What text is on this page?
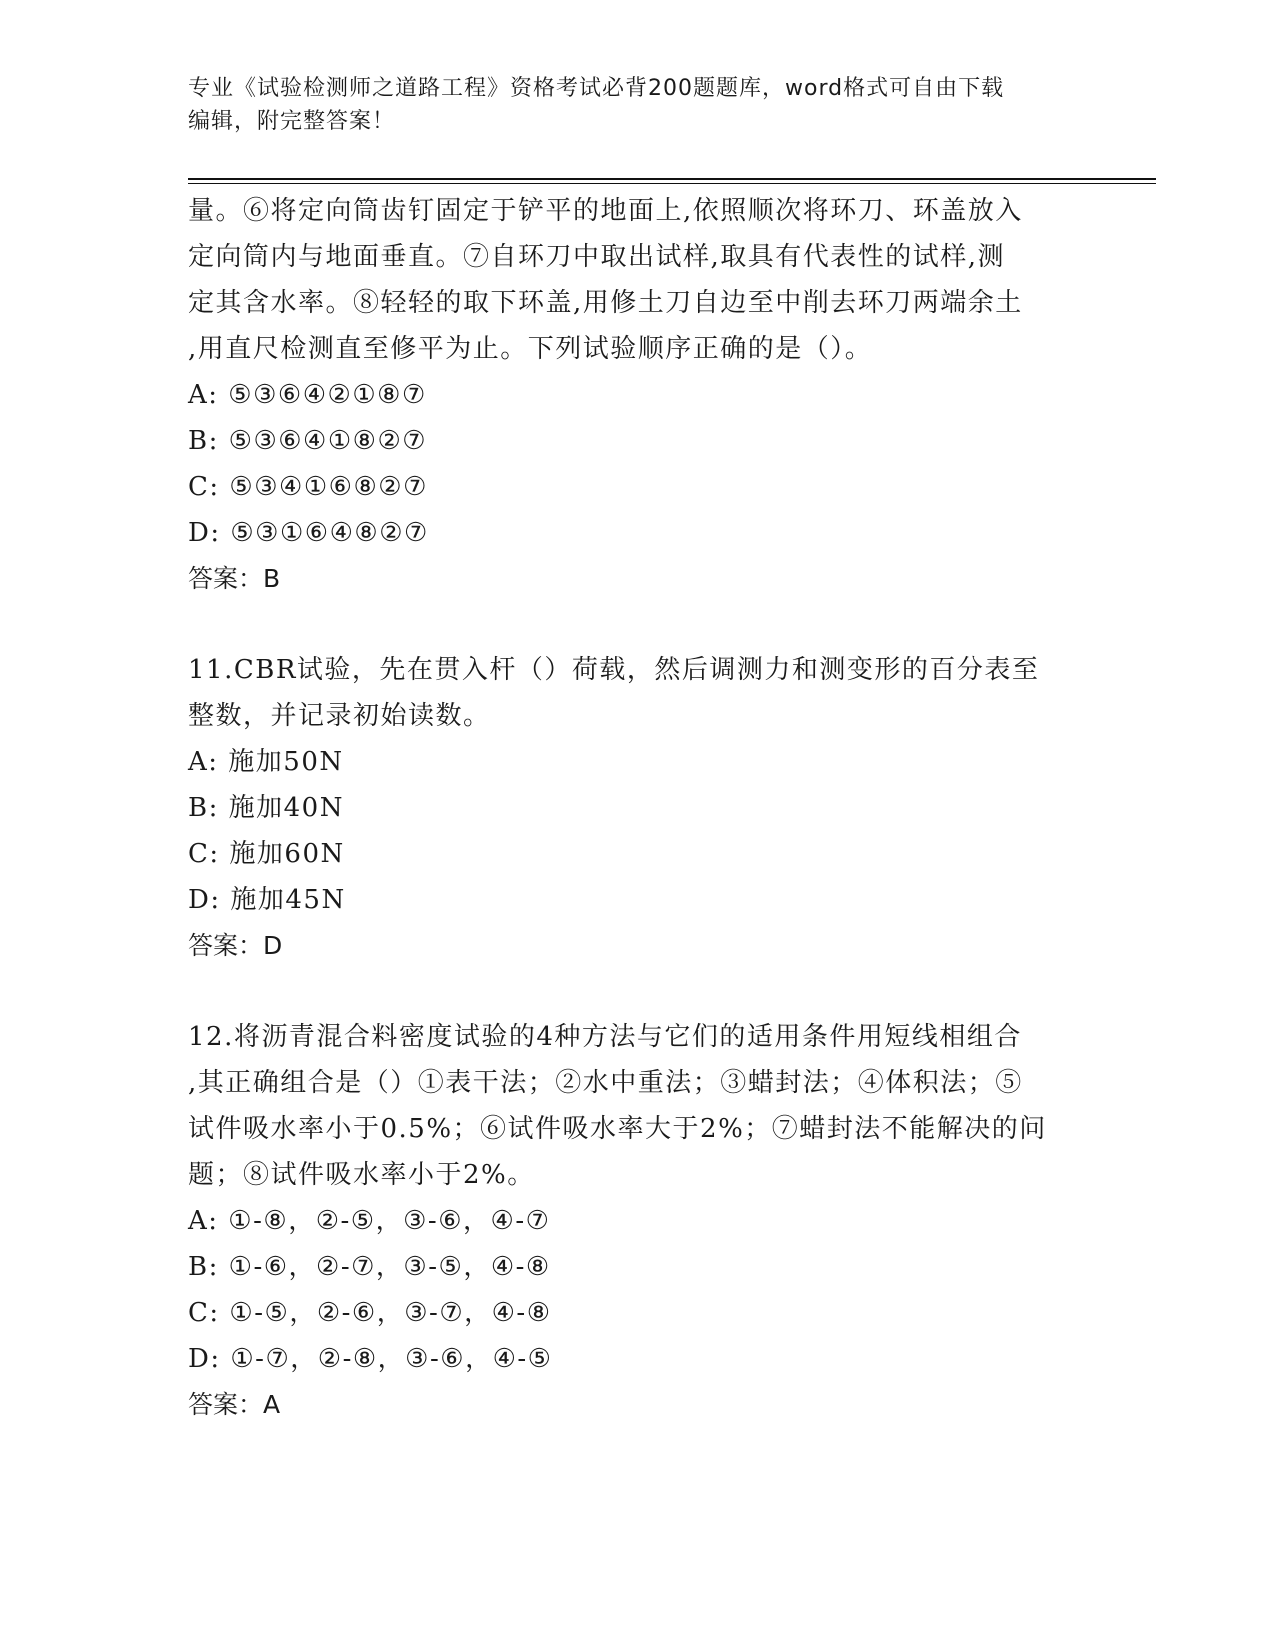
专业《试验检测师之道路工程》资格考试必背200题题库，word格式可自由下载
编辑，附完整答案！
量。⑥将定向筒齿钉固定于铲平的地面上,依照顺次将环刀、环盖放入
定向筒内与地面垂直。⑦自环刀中取出试样,取具有代表性的试样,测
定其含水率。⑧轻轻的取下环盖,用修土刀自边至中削去环刀两端余土
,用直尺检测直至修平为止。下列试验顺序正确的是（）。
A: ⑤③⑥④②①⑧⑦
B: ⑤③⑥④①⑧②⑦
C: ⑤③④①⑥⑧②⑦
D: ⑤③①⑥④⑧②⑦
答案：B
11.CBR试验，先在贯入杆（）荷载，然后调测力和测变形的百分表至
整数，并记录初始读数。
A: 施加50N
B: 施加40N
C: 施加60N
D: 施加45N
答案：D
12.将沥青混合料密度试验的4种方法与它们的适用条件用短线相组合
,其正确组合是（）①表干法；②水中重法；③蜡封法；④体积法；⑤
试件吸水率小于0.5%；⑥试件吸水率大于2%；⑦蜡封法不能解决的问
题；⑧试件吸水率小于2%。
A: ①-⑧，②-⑤，③-⑥，④-⑦
B: ①-⑥，②-⑦，③-⑤，④-⑧
C: ①-⑤，②-⑥，③-⑦，④-⑧
D: ①-⑦，②-⑧，③-⑥，④-⑤
答案：A
